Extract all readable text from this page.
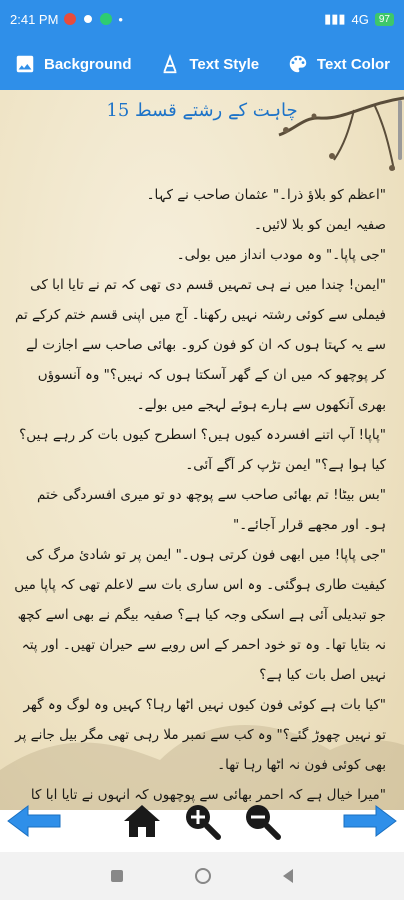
2:41 PM	•	▮▮▮ 4G	97
Background	Text Style	Text Color
چاہت کے رشتے قسط 15

"اعظم کو بلاؤ ذرا۔" عثمان صاحب نے کہا۔

صفیہ ایمن کو بلا لائیں۔

"جی پاپا۔" وہ مودب انداز میں بولی۔

"ایمن! چندا میں نے ہی تمہیں قسم دی تھی کہ تم نے تایا ابا کی فیملی سے کوئی رشتہ نہیں رکھنا۔ آج میں اپنی قسم ختم کرکے تم سے یہ کہتا ہوں کہ ان کو فون کرو۔ بھائی صاحب سے اجازت لے کر پوچھو کہ میں ان کے گھر آسکتا ہوں کہ نہیں؟" وہ آنسوؤں بھری آنکھوں سے ہارے ہوئے لہجے میں بولے۔

"پاپا! آپ اتنے افسردہ کیوں ہیں؟ اسطرح کیوں بات کر رہے ہیں؟ کیا ہوا ہے؟" ایمن تڑپ کر آگے آئی۔

"بس بیٹا! تم بھائی صاحب سے پوچھ دو تو میری افسردگی ختم ہو۔ اور مجھے قرار آجائے۔"

"جی پاپا! میں ابھی فون کرتی ہوں۔" ایمن پر تو شادیٔ مرگ کی کیفیت طاری ہوگئی۔ وہ اس ساری بات سے لاعلم تھی کہ پاپا میں جو تبدیلی آئی ہے اسکی وجہ کیا ہے؟ صفیہ بیگم نے بھی اسے کچھ نہ بتایا تھا۔ وہ تو خود احمر کے اس رویے سے حیران تھیں۔ اور پتہ نہیں اصل بات کیا ہے؟

"کیا بات ہے کوئی فون کیوں نہیں اٹھا رہا؟ کہیں وہ لوگ وہ گھر تو نہیں چھوڑ گئے؟" وہ کب سے نمبر ملا رہی تھی مگر بیل جانے پر بھی کوئی فون نہ اٹھا رہا تھا۔

"میرا خیال ہے کہ احمر بھائی سے پوچھوں کہ انہوں نے تایا ابا کا
